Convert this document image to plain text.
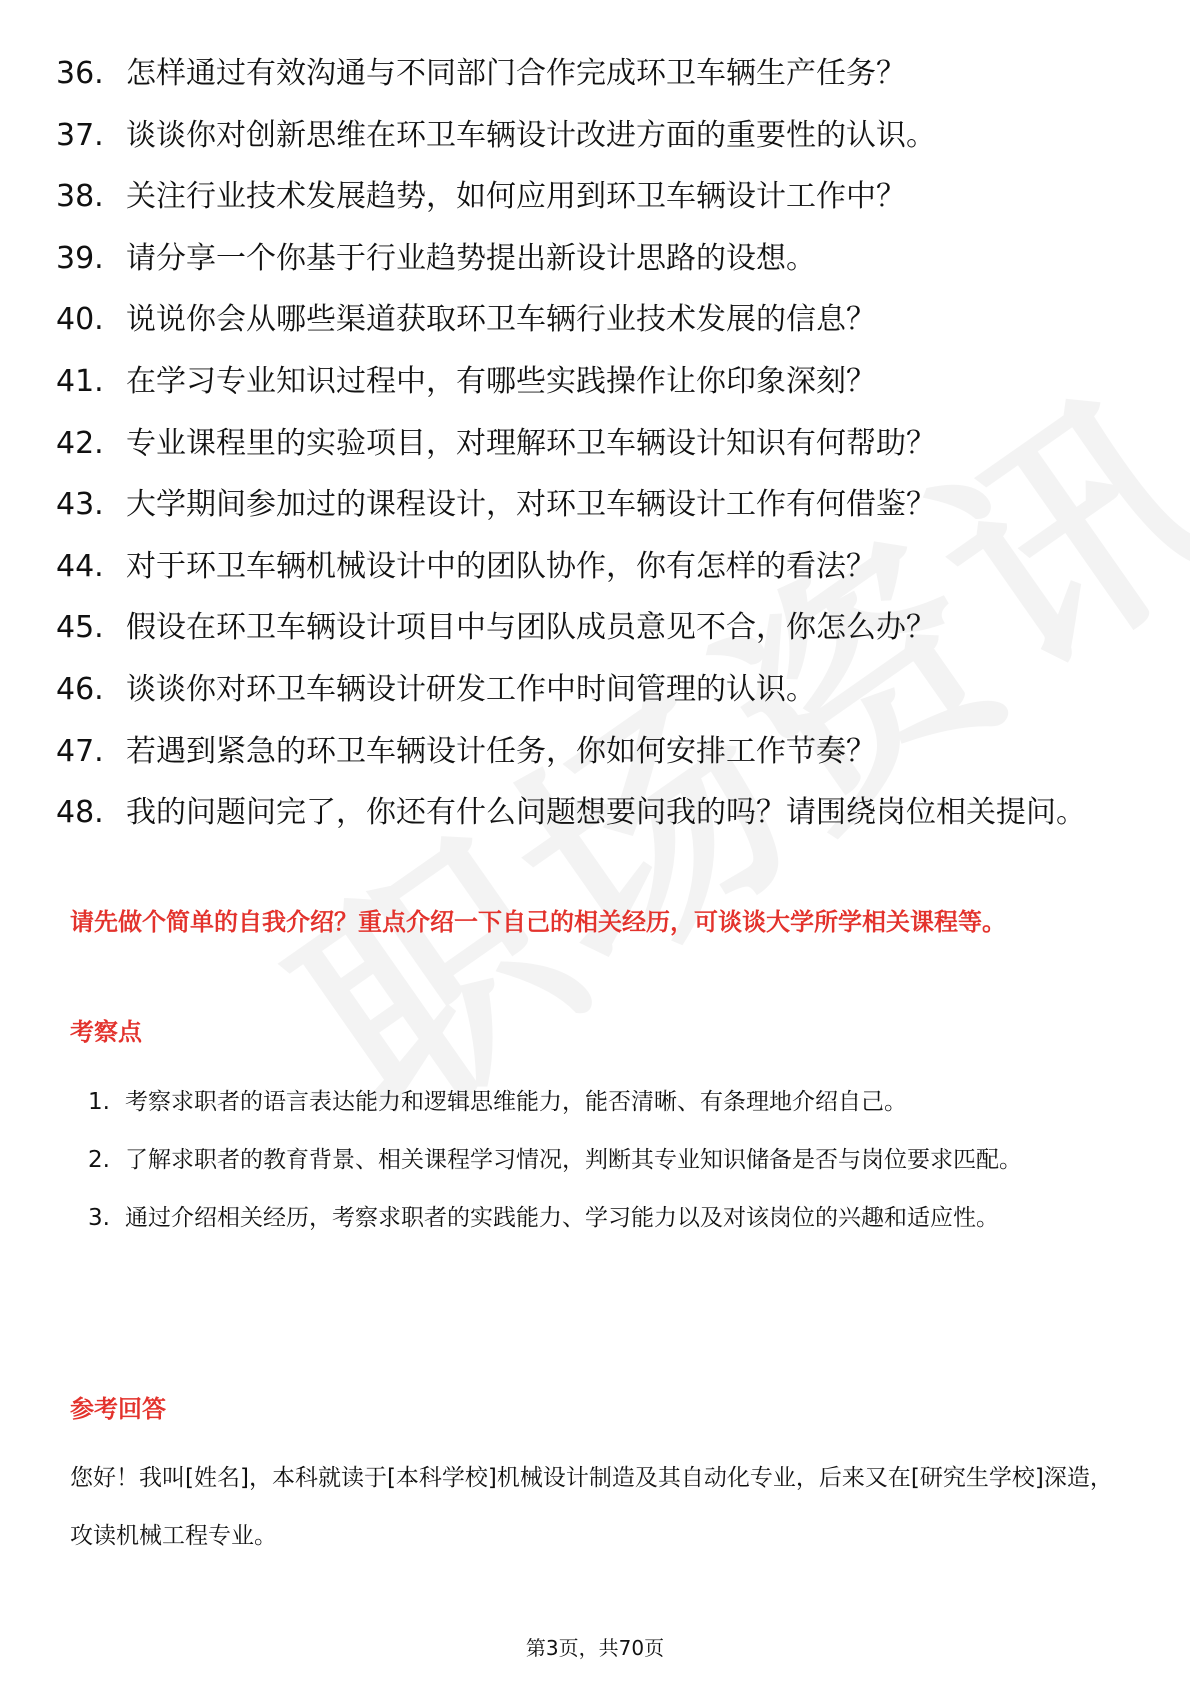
36. 怎样通过有效沟通与不同部门合作完成环卫车辆生产任务？
37. 谈谈你对创新思维在环卫车辆设计改进方面的重要性的认识。
38. 关注行业技术发展趋势，如何应用到环卫车辆设计工作中？
39. 请分享一个你基于行业趋势提出新设计思路的设想。
40. 说说你会从哪些渠道获取环卫车辆行业技术发展的信息？
41. 在学习专业知识过程中，有哪些实践操作让你印象深刻？
42. 专业课程里的实验项目，对理解环卫车辆设计知识有何帮助？
43. 大学期间参加过的课程设计，对环卫车辆设计工作有何借鉴？
44. 对于环卫车辆机械设计中的团队协作，你有怎样的看法？
45. 假设在环卫车辆设计项目中与团队成员意见不合，你怎么办？
46. 谈谈你对环卫车辆设计研发工作中时间管理的认识。
47. 若遇到紧急的环卫车辆设计任务，你如何安排工作节奏？
48. 我的问题问完了，你还有什么问题想要问我的吗？请围绕岗位相关提问。

请先做个简单的自我介绍？重点介绍一下自己的相关经历，可谈谈大学所学相关课程等。

考察点
1. 考察求职者的语言表达能力和逻辑思维能力，能否清晰、有条理地介绍自己。
2. 了解求职者的教育背景、相关课程学习情况，判断其专业知识储备是否与岗位要求匹配。
3. 通过介绍相关经历，考察求职者的实践能力、学习能力以及对该岗位的兴趣和适应性。
参考回答

您好！我叫[姓名]，本科就读于[本科学校]机械设计制造及其自动化专业，后来又在[研究生学校]深造，攻读机械工程专业。

第3页，共70页
